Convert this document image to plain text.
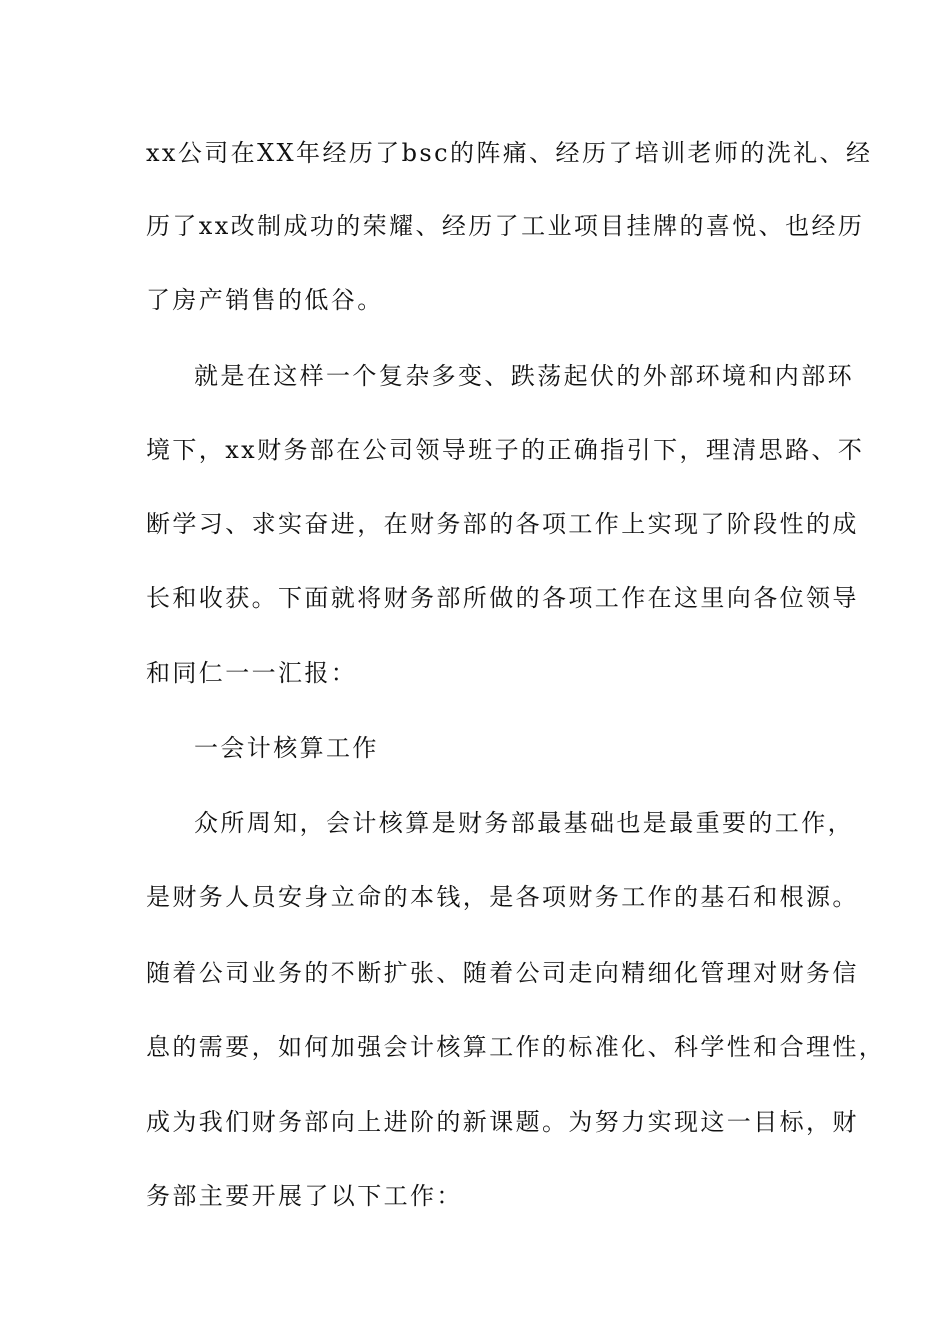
xx公司在XX年经历了bsc的阵痛、经历了培训老师的洗礼、经
历了xx改制成功的荣耀、经历了工业项目挂牌的喜悦、也经历
了房产销售的低谷。
就是在这样一个复杂多变、跌荡起伏的外部环境和内部环
境下，xx财务部在公司领导班子的正确指引下，理清思路、不
断学习、求实奋进，在财务部的各项工作上实现了阶段性的成
长和收获。下面就将财务部所做的各项工作在这里向各位领导
和同仁一一汇报：
一会计核算工作
众所周知，会计核算是财务部最基础也是最重要的工作，
是财务人员安身立命的本钱，是各项财务工作的基石和根源。
随着公司业务的不断扩张、随着公司走向精细化管理对财务信
息的需要，如何加强会计核算工作的标准化、科学性和合理性，
成为我们财务部向上进阶的新课题。为努力实现这一目标，财
务部主要开展了以下工作：
